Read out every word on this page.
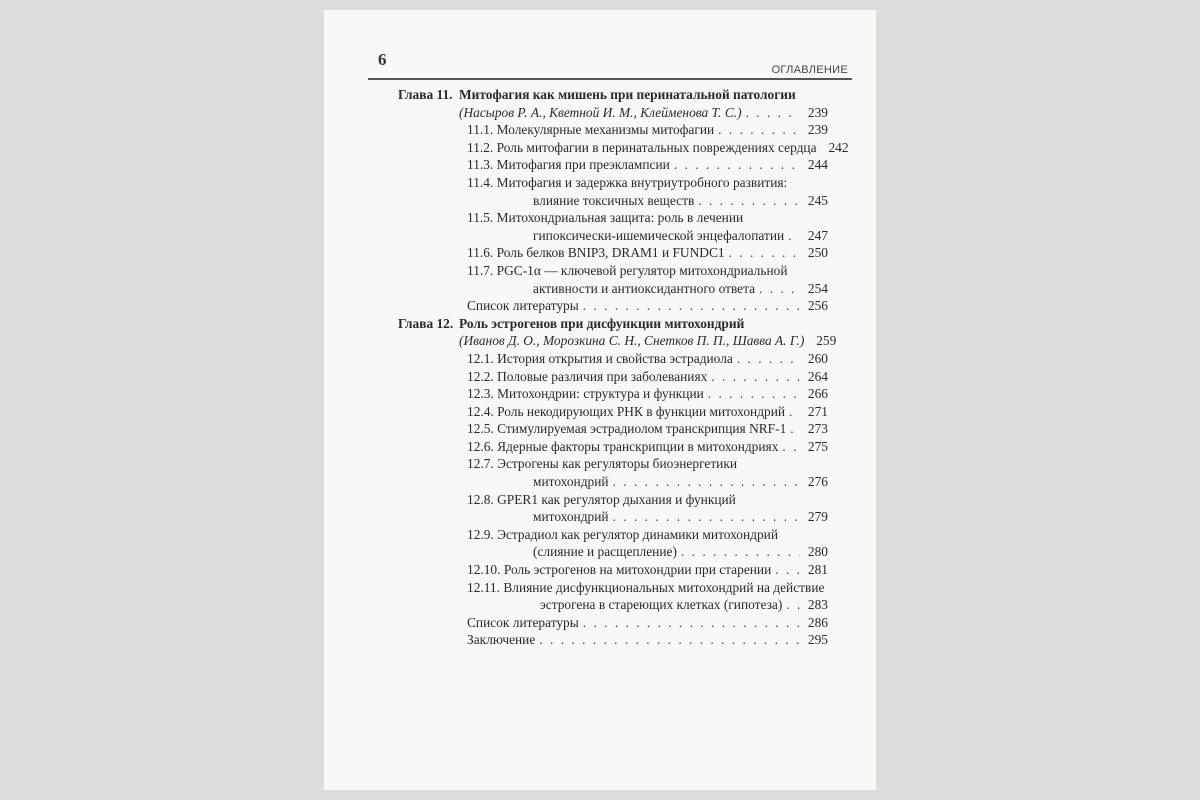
6
ОГЛАВЛЕНИЕ
Глава 11. Митофагия как мишень при перинатальной патологии
(Насыров Р. А., Кветной И. М., Клейменова Т. С.) . . .	239
11.1. Молекулярные механизмы митофагии . . .	239
11.2. Роль митофагии в перинатальных повреждениях сердца 242
11.3. Митофагия при преэклампсии . . .	244
11.4. Митофагия и задержка внутриутробного развития:
влияние токсичных веществ . . .	245
11.5. Митохондриальная защита: роль в лечении
гипоксически-ишемической энцефалопатии . . . 247
11.6. Роль белков BNIP3, DRAM1 и FUNDC1 . . .	250
11.7. PGC-1α — ключевой регулятор митохондриальной
активности и антиоксидантного ответа . . .	254
Список литературы . . .	256
Глава 12. Роль эстрогенов при дисфункции митохондрий
(Иванов Д. О., Морозкина С. Н., Снетков П. П., Шавва А. Г.) 259
12.1. История открытия и свойства эстрадиола . . .	260
12.2. Половые различия при заболеваниях . . .	264
12.3. Митохондрии: структура и функции . . .	266
12.4. Роль некодирующих РНК в функции митохондрий . . . 271
12.5. Стимулируемая эстрадиолом транскрипция NRF-1 . . . 273
12.6. Ядерные факторы транскрипции в митохондриях . . . 275
12.7. Эстрогены как регуляторы биоэнергетики
митохондрий . . .	276
12.8. GPER1 как регулятор дыхания и функций
митохондрий . . .	279
12.9. Эстрадиол как регулятор динамики митохондрий
(слияние и расщепление) . . .	280
12.10. Роль эстрогенов на митохондрии при старении . . .	281
12.11. Влияние дисфункциональных митохондрий на действие
эстрогена в стареющих клетках (гипотеза) . . . 283
Список литературы . . .	286
Заключение . . .	295
